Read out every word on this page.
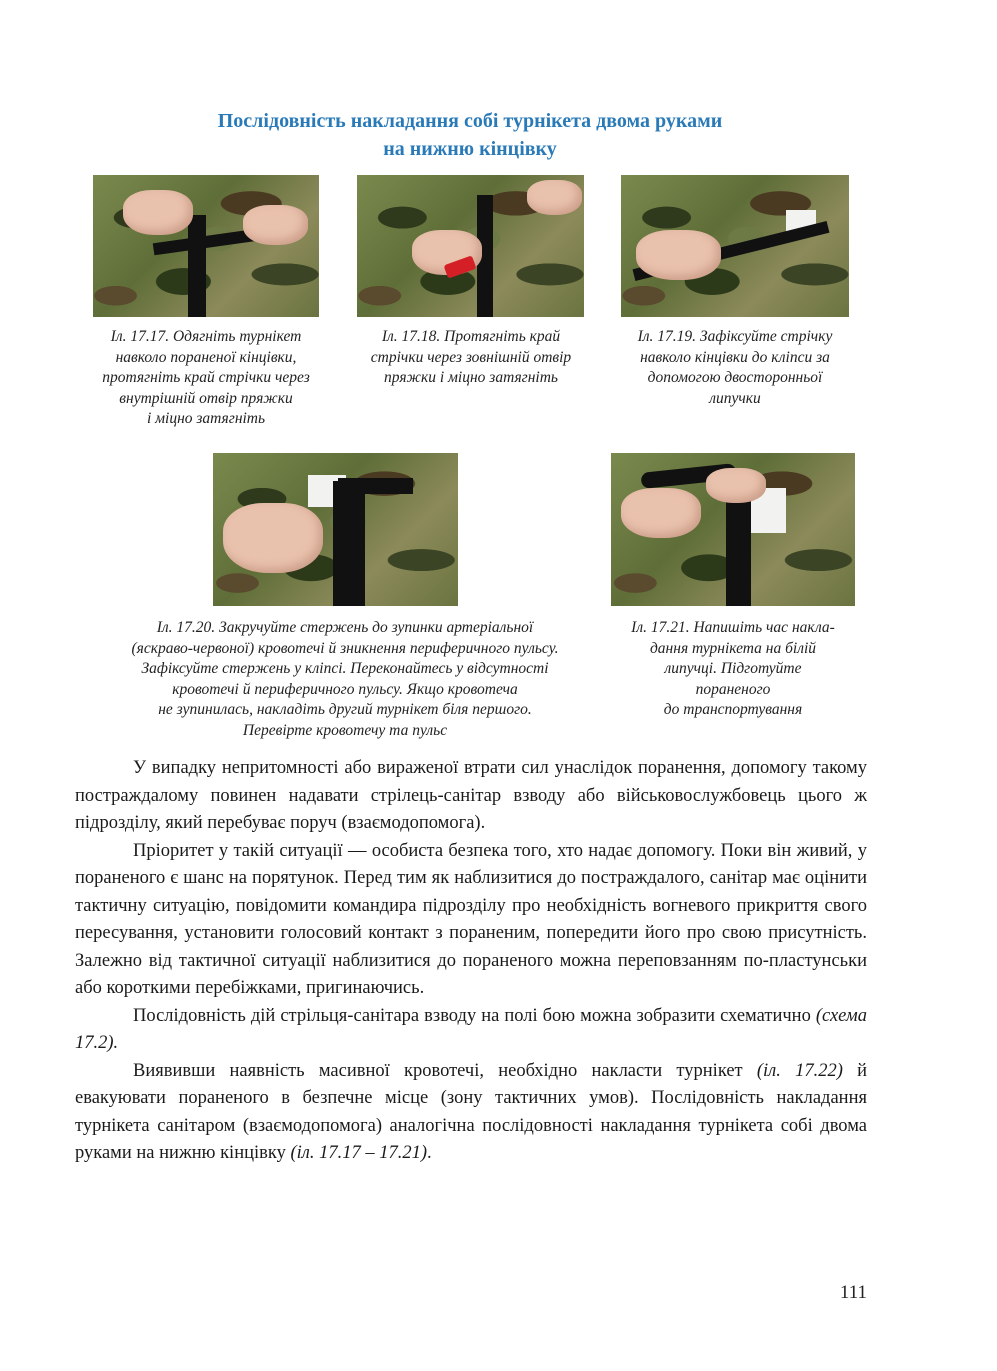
Послідовність накладання собі турнікета двома руками
на нижню кінцівку
Іл. 17.17. Одягніть турнікет
навколо пораненої кінцівки,
протягніть край стрічки через
внутрішній отвір пряжки
і міцно затягніть
Іл. 17.18. Протягніть край
стрічки через зовнішній отвір
пряжки і міцно затягніть
Іл. 17.19. Зафіксуйте стрічку
навколо кінцівки до кліпси за
допомогою двосторонньої
липучки
Іл. 17.20. Закручуйте стержень до зупинки артеріальної
(яскраво-червоної) кровотечі й зникнення периферичного пульсу.
Зафіксуйте стержень у кліпсі. Переконайтесь у відсутності
кровотечі й периферичного пульсу. Якщо кровотеча
не зупинилась, накладіть другий турнікет біля першого.
Перевірте кровотечу та пульс
Іл. 17.21. Напишіть час накла-
дання турнікета на білій
липучці. Підготуйте
пораненого
до транспортування

У випадку непритомності або вираженої втрати сил унаслідок поранення, допомогу такому постраждалому повинен надавати стрілець-санітар взводу або військовослужбовець цього ж підрозділу, який перебуває поруч (взаємодопомога).

Пріоритет у такій ситуації — особиста безпека того, хто надає допомогу. Поки він живий, у пораненого є шанс на порятунок. Перед тим як наблизитися до постраждалого, санітар має оцінити тактичну ситуацію, повідомити командира підрозділу про необхідність вогневого прикриття свого пересування, установити голосовий контакт з пораненим, попередити його про свою присутність. Залежно від тактичної ситуації наблизитися до пораненого можна переповзанням по-пластунськи або короткими перебіжками, пригинаючись.

Послідовність дій стрільця-санітара взводу на полі бою можна зобразити схематично (схема 17.2).

Виявивши наявність масивної кровотечі, необхідно накласти турнікет (іл. 17.22) й евакуювати пораненого в безпечне місце (зону тактичних умов). Послідовність накладання турнікета санітаром (взаємодопомога) аналогічна послідовності накладання турнікета собі двома руками на нижню кінцівку (іл. 17.17 – 17.21).

111
